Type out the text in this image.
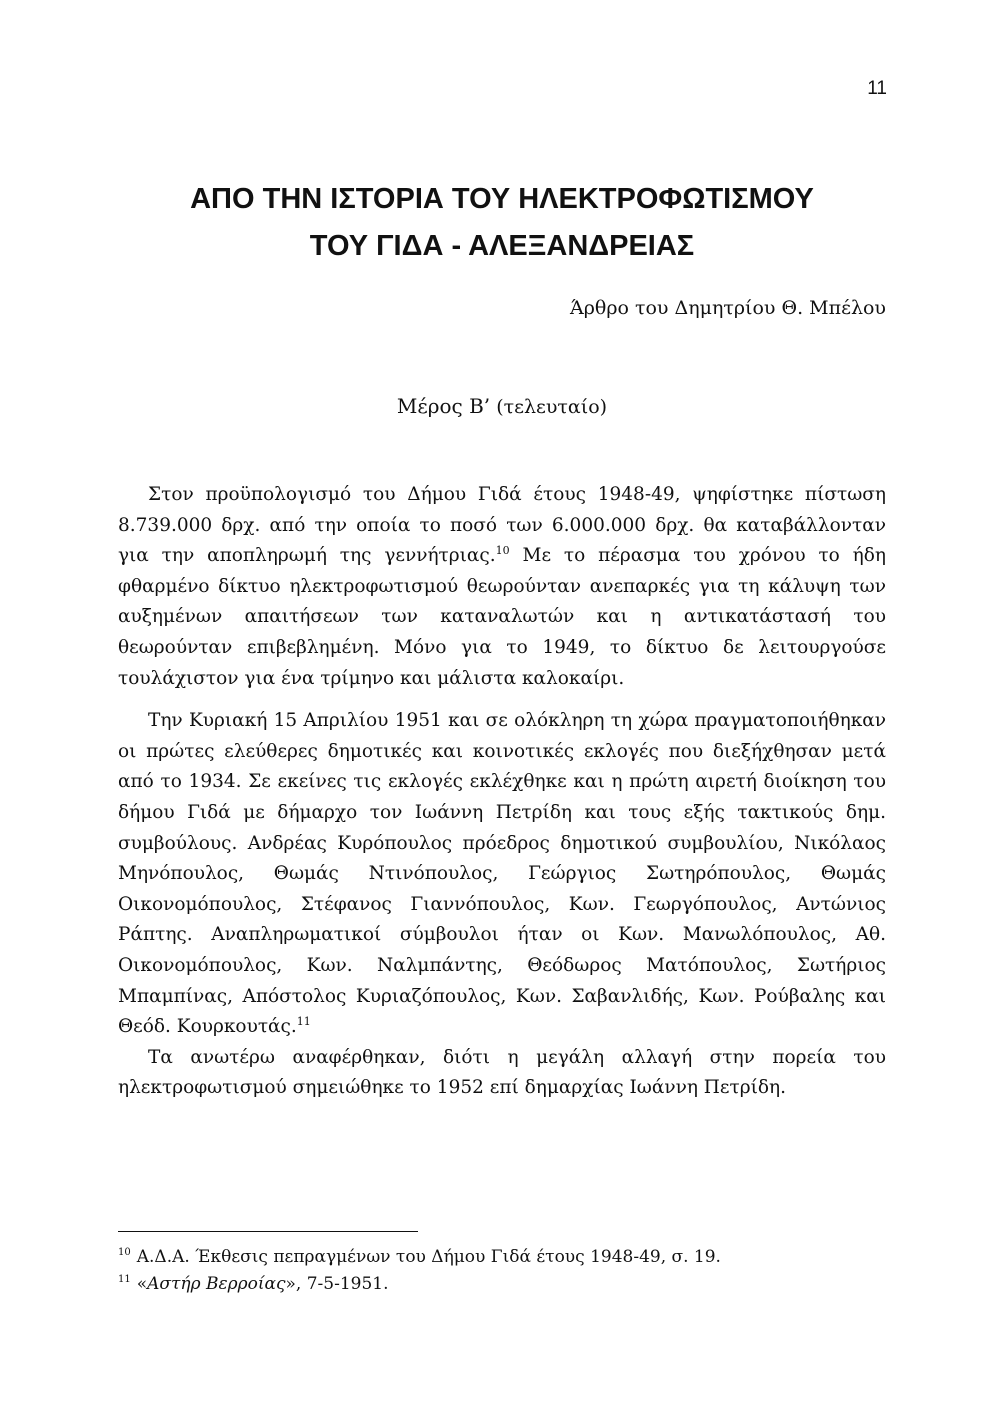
11
ΑΠΟ ΤΗΝ ΙΣΤΟΡΙΑ ΤΟΥ ΗΛΕΚΤΡΟΦΩΤΙΣΜΟΥ
ΤΟΥ ΓΙΔΑ - ΑΛΕΞΑΝΔΡΕΙΑΣ
Άρθρο του Δημητρίου Θ. Μπέλου
Μέρος Β’ (τελευταίο)

Στον προϋπολογισμό του Δήμου Γιδά έτους 1948-49, ψηφίστηκε πίστωση 8.739.000 δρχ. από την οποία το ποσό των 6.000.000 δρχ. θα καταβάλλονταν για την αποπληρωμή της γεννήτριας.$^{10}$ Με το πέρασμα του χρόνου το ήδη φθαρμένο δίκτυο ηλεκτροφωτισμού θεωρούνταν ανεπαρκές για τη κάλυψη των αυξημένων απαιτήσεων των καταναλωτών και η αντικατάστασή του θεωρούνταν επιβεβλημένη. Μόνο για το 1949, το δίκτυο δε λειτουργούσε τουλάχιστον για ένα τρίμηνο και μάλιστα καλοκαίρι.

Την Κυριακή 15 Απριλίου 1951 και σε ολόκληρη τη χώρα πραγματοποιήθηκαν οι πρώτες ελεύθερες δημοτικές και κοινοτικές εκλογές που διεξήχθησαν μετά από το 1934. Σε εκείνες τις εκλογές εκλέχθηκε και η πρώτη αιρετή διοίκηση του δήμου Γιδά με δήμαρχο τον Ιωάννη Πετρίδη και τους εξής τακτικούς δημ. συμβούλους. Ανδρέας Κυρόπουλος πρόεδρος δημοτικού συμβουλίου, Νικόλαος Μηνόπουλος, Θωμάς Ντινόπουλος, Γεώργιος Σωτηρόπουλος, Θωμάς Οικονομόπουλος, Στέφανος Γιαννόπουλος, Κων. Γεωργόπουλος, Αντώνιος Ράπτης. Αναπληρωματικοί σύμβουλοι ήταν οι Κων. Μανωλόπουλος, Αθ. Οικονομόπουλος, Κων. Ναλμπάντης, Θεόδωρος Ματόπουλος, Σωτήριος Μπαμπίνας, Απόστολος Κυριαζόπουλος, Κων. Σαβανλιδής, Κων. Ρούβαλης και Θεόδ. Κουρκουτάς.$^{11}$

Τα ανωτέρω αναφέρθηκαν, διότι η μεγάλη αλλαγή στην πορεία του ηλεκτροφωτισμού σημειώθηκε το 1952 επί δημαρχίας Ιωάννη Πετρίδη.

$^{10}$ Α.Δ.Α. Έκθεσις πεπραγμένων του Δήμου Γιδά έτους 1948-49, σ. 19.

$^{11}$ «Αστήρ Βερροίας», 7-5-1951.
